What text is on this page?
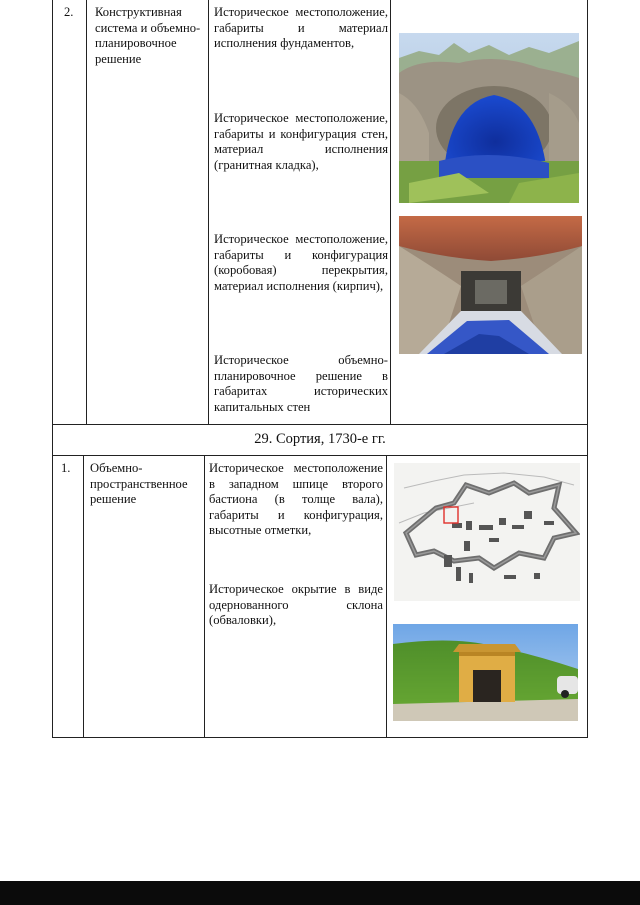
2. Конструктивная система и объемно-планировочное решение
Историческое местоположение, габариты и материал исполнения фундаментов,
Историческое местоположение, габариты и конфигурация стен, материал исполнения (гранитная кладка),
Историческое местоположение, габариты и конфигурация (коробовая) перекрытия, материал исполнения (кирпич),
Историческое объемно-планировочное решение в габаритах исторических капитальных стен
29. Сортия, 1730-е гг.
1. Объемно-пространственное решение
Историческое местоположение в западном шпице второго бастиона (в толще вала), габариты и конфигурация, высотные отметки,
Историческое окрытие в виде одернованного склона (обваловки),
